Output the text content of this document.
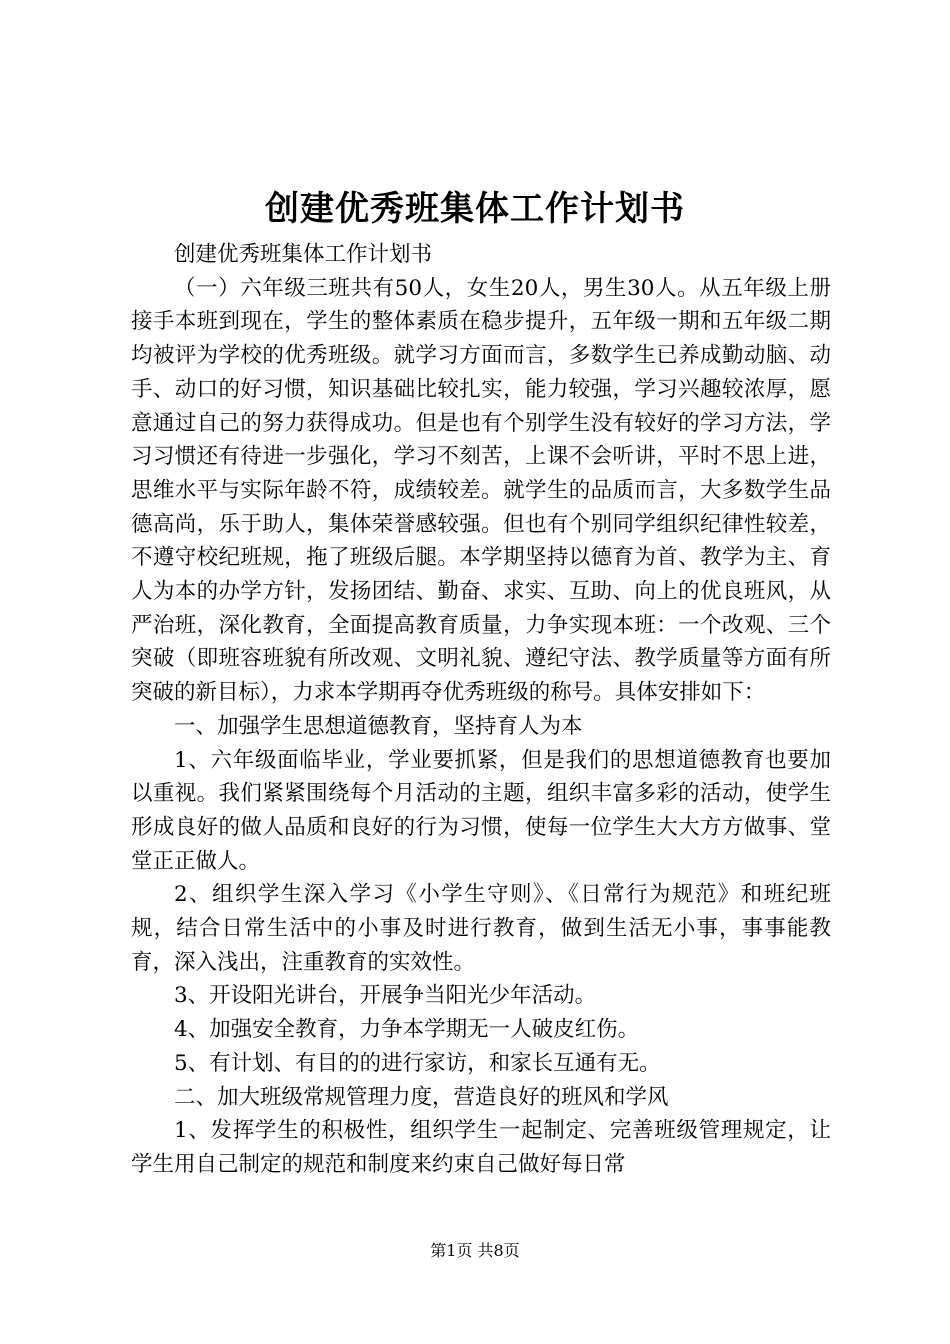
创建优秀班集体工作计划书

创建优秀班集体工作计划书

（一）六年级三班共有50人，女生20人，男生30人。从五年级上册接手本班到现在，学生的整体素质在稳步提升，五年级一期和五年级二期均被评为学校的优秀班级。就学习方面而言，多数学生已养成勤动脑、动手、动口的好习惯，知识基础比较扎实，能力较强，学习兴趣较浓厚，愿意通过自己的努力获得成功。但是也有个别学生没有较好的学习方法，学习习惯还有待进一步强化，学习不刻苦，上课不会听讲，平时不思上进，思维水平与实际年龄不符，成绩较差。就学生的品质而言，大多数学生品德高尚，乐于助人，集体荣誉感较强。但也有个别同学组织纪律性较差，不遵守校纪班规，拖了班级后腿。本学期坚持以德育为首、教学为主、育人为本的办学方针，发扬团结、勤奋、求实、互助、向上的优良班风，从严治班，深化教育，全面提高教育质量，力争实现本班：一个改观、三个突破（即班容班貌有所改观、文明礼貌、遵纪守法、教学质量等方面有所突破的新目标），力求本学期再夺优秀班级的称号。具体安排如下：

一、加强学生思想道德教育，坚持育人为本

1、六年级面临毕业，学业要抓紧，但是我们的思想道德教育也要加以重视。我们紧紧围绕每个月活动的主题，组织丰富多彩的活动，使学生形成良好的做人品质和良好的行为习惯，使每一位学生大大方方做事、堂堂正正做人。

2、组织学生深入学习《小学生守则》、《日常行为规范》和班纪班规，结合日常生活中的小事及时进行教育，做到生活无小事，事事能教育，深入浅出，注重教育的实效性。

3、开设阳光讲台，开展争当阳光少年活动。

4、加强安全教育，力争本学期无一人破皮红伤。

5、有计划、有目的的进行家访，和家长互通有无。

二、加大班级常规管理力度，营造良好的班风和学风

1、发挥学生的积极性，组织学生一起制定、完善班级管理规定，让学生用自己制定的规范和制度来约束自己做好每日常

第1页 共8页
